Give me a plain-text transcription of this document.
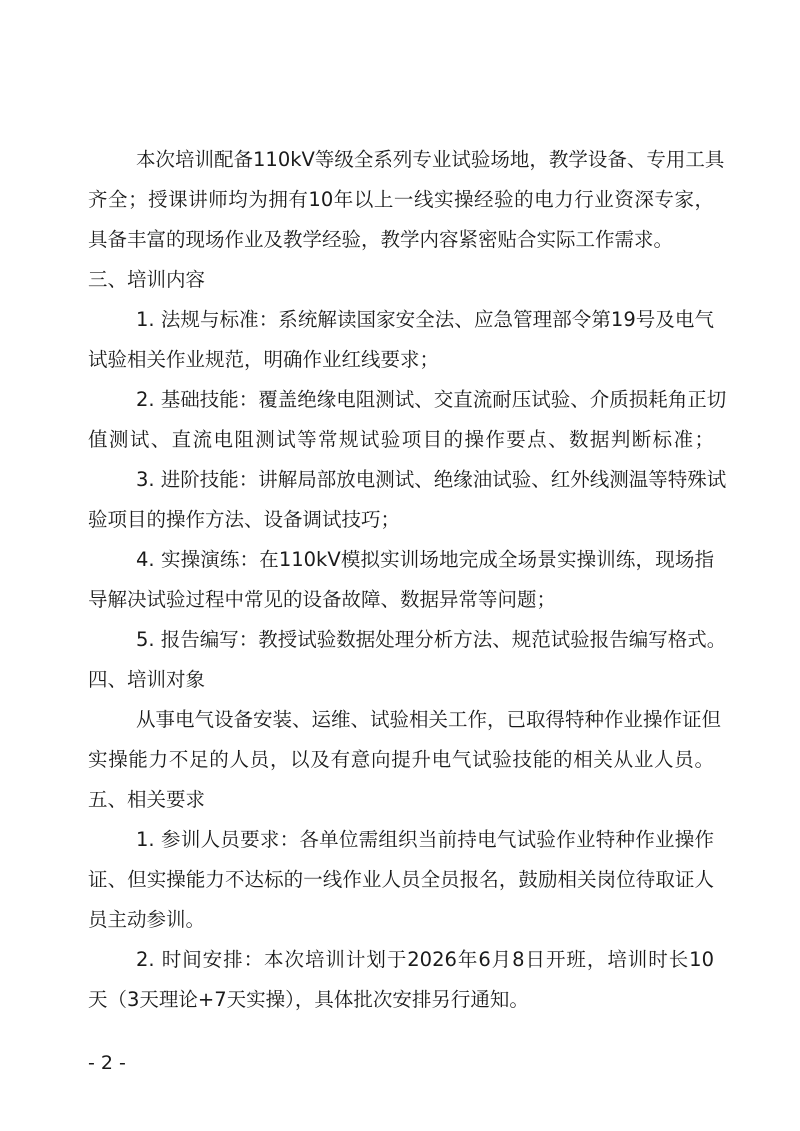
本次培训配备110kV等级全系列专业试验场地，教学设备、专用工具
齐全；授课讲师均为拥有10年以上一线实操经验的电力行业资深专家，
具备丰富的现场作业及教学经验，教学内容紧密贴合实际工作需求。
三、培训内容
1. 法规与标准：系统解读国家安全法、应急管理部令第19号及电气
试验相关作业规范，明确作业红线要求；
2. 基础技能：覆盖绝缘电阻测试、交直流耐压试验、介质损耗角正切
值测试、直流电阻测试等常规试验项目的操作要点、数据判断标准；
3. 进阶技能：讲解局部放电测试、绝缘油试验、红外线测温等特殊试
验项目的操作方法、设备调试技巧；
4. 实操演练：在110kV模拟实训场地完成全场景实操训练，现场指
导解决试验过程中常见的设备故障、数据异常等问题；
5. 报告编写：教授试验数据处理分析方法、规范试验报告编写格式。
四、培训对象
从事电气设备安装、运维、试验相关工作，已取得特种作业操作证但
实操能力不足的人员，以及有意向提升电气试验技能的相关从业人员。
五、相关要求
1. 参训人员要求：各单位需组织当前持电气试验作业特种作业操作
证、但实操能力不达标的一线作业人员全员报名，鼓励相关岗位待取证人
员主动参训。
2. 时间安排：本次培训计划于2026年6月8日开班，培训时长10
天（3天理论+7天实操），具体批次安排另行通知。
- 2 -
